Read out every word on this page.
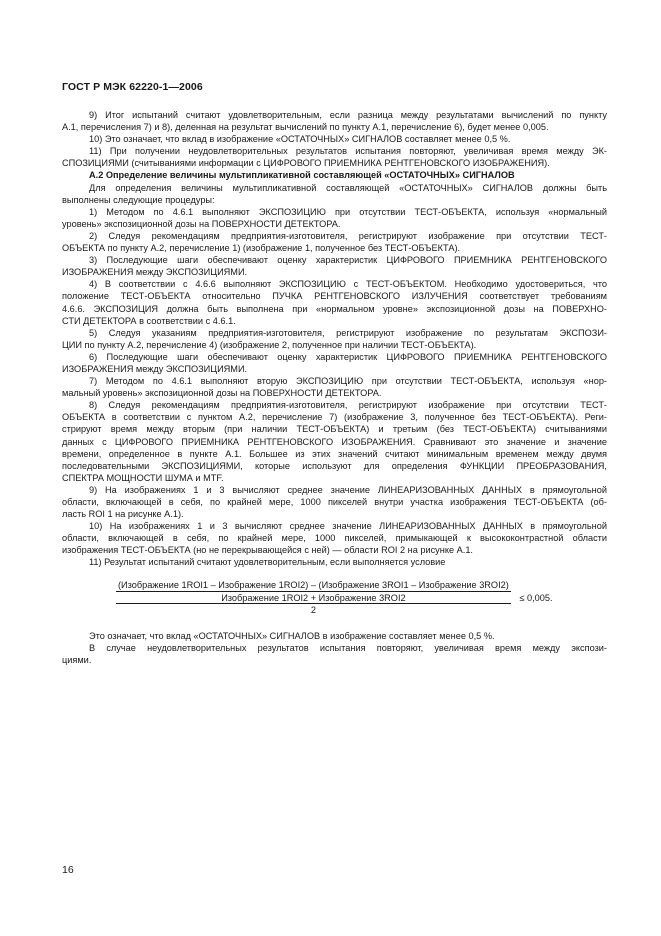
ГОСТ Р МЭК 62220-1—2006
9) Итог испытаний считают удовлетворительным, если разница между результатами вычислений по пункту
А.1, перечисления 7) и 8), деленная на результат вычислений по пункту А.1, перечисление 6), будет менее 0,005.
10) Это означает, что вклад в изображение «ОСТАТОЧНЫХ» СИГНАЛОВ составляет менее 0,5 %.
11) При получении неудовлетворительных результатов испытания повторяют, увеличивая время между ЭК-
СПОЗИЦИЯМИ (считываниями информации с ЦИФРОВОГО ПРИЕМНИКА РЕНТГЕНОВСКОГО ИЗОБРАЖЕНИЯ).
А.2 Определение величины мультипликативной составляющей «ОСТАТОЧНЫХ» СИГНАЛОВ
Для определения величины мультипликативной составляющей «ОСТАТОЧНЫХ» СИГНАЛОВ должны быть
выполнены следующие процедуры:
1) Методом по 4.6.1 выполняют ЭКСПОЗИЦИЮ при отсутствии ТЕСТ-ОБЪЕКТА, используя «нормальный
уровень» экспозиционной дозы на ПОВЕРХНОСТИ ДЕТЕКТОРА.
2) Следуя рекомендациям предприятия-изготовителя, регистрируют изображение при отсутствии ТЕСТ-
ОБЪЕКТА по пункту А.2, перечисление 1) (изображение 1, полученное без ТЕСТ-ОБЪЕКТА).
3) Последующие шаги обеспечивают оценку характеристик ЦИФРОВОГО ПРИЕМНИКА РЕНТГЕНОВСКОГО
ИЗОБРАЖЕНИЯ между ЭКСПОЗИЦИЯМИ.
4) В соответствии с 4.6.6 выполняют ЭКСПОЗИЦИЮ с ТЕСТ-ОБЪЕКТОМ. Необходимо удостовериться, что
положение ТЕСТ-ОБЪЕКТА относительно ПУЧКА РЕНТГЕНОВСКОГО ИЗЛУЧЕНИЯ соответствует требованиям
4.6.6. ЭКСПОЗИЦИЯ должна быть выполнена при «нормальном уровне» экспозиционной дозы на ПОВЕРХНО-
СТИ ДЕТЕКТОРА в соответствии с 4.6.1.
5) Следуя указаниям предприятия-изготовителя, регистрируют изображение по результатам ЭКСПОЗИ-
ЦИИ по пункту А.2, перечисление 4) (изображение 2, полученное при наличии ТЕСТ-ОБЪЕКТА).
6) Последующие шаги обеспечивают оценку характеристик ЦИФРОВОГО ПРИЕМНИКА РЕНТГЕНОВСКОГО
ИЗОБРАЖЕНИЯ между ЭКСПОЗИЦИЯМИ.
7) Методом по 4.6.1 выполняют вторую ЭКСПОЗИЦИЮ при отсутствии ТЕСТ-ОБЪЕКТА, используя «нор-
мальный уровень» экспозиционной дозы на ПОВЕРХНОСТИ ДЕТЕКТОРА.
8) Следуя рекомендациям предприятия-изготовителя, регистрируют изображение при отсутствии ТЕСТ-
ОБЪЕКТА в соответствии с пунктом А.2, перечисление 7) (изображение 3, полученное без ТЕСТ-ОБЪЕКТА). Реги-
стрируют время между вторым (при наличии ТЕСТ-ОБЪЕКТА) и третьим (без ТЕСТ-ОБЪЕКТА) считываниями
данных с ЦИФРОВОГО ПРИЕМНИКА РЕНТГЕНОВСКОГО ИЗОБРАЖЕНИЯ. Сравнивают это значение и значение
времени, определенное в пункте А.1. Большее из этих значений считают минимальным временем между двумя
последовательными ЭКСПОЗИЦИЯМИ, которые используют для определения ФУНКЦИИ ПРЕОБРАЗОВАНИЯ,
СПЕКТРА МОЩНОСТИ ШУМА и MTF.
9) На изображениях 1 и 3 вычисляют среднее значение ЛИНЕАРИЗОВАННЫХ ДАННЫХ в прямоугольной
области, включающей в себя, по крайней мере, 1000 пикселей внутри участка изображения ТЕСТ-ОБЪЕКТА (об-
ласть ROI 1 на рисунке А.1).
10) На изображениях 1 и 3 вычисляют среднее значение ЛИНЕАРИЗОВАННЫХ ДАННЫХ в прямоугольной
области, включающей в себя, по крайней мере, 1000 пикселей, примыкающей к высококонтрастной области
изображения ТЕСТ-ОБЪЕКТА (но не перекрывающейся с ней) — области ROI 2 на рисунке А.1.
11) Результат испытаний считают удовлетворительным, если выполняется условие
(Изображение 1ROI1 – Изображение 1ROI2) – (Изображение 3ROI1 – Изображение 3ROI2)
Изображение 1ROI2 + Изображение 3ROI2
2
≤ 0,005.
Это означает, что вклад «ОСТАТОЧНЫХ» СИГНАЛОВ в изображение составляет менее 0,5 %.
В случае неудовлетворительных результатов испытания повторяют, увеличивая время между экспози-
циями.
16
